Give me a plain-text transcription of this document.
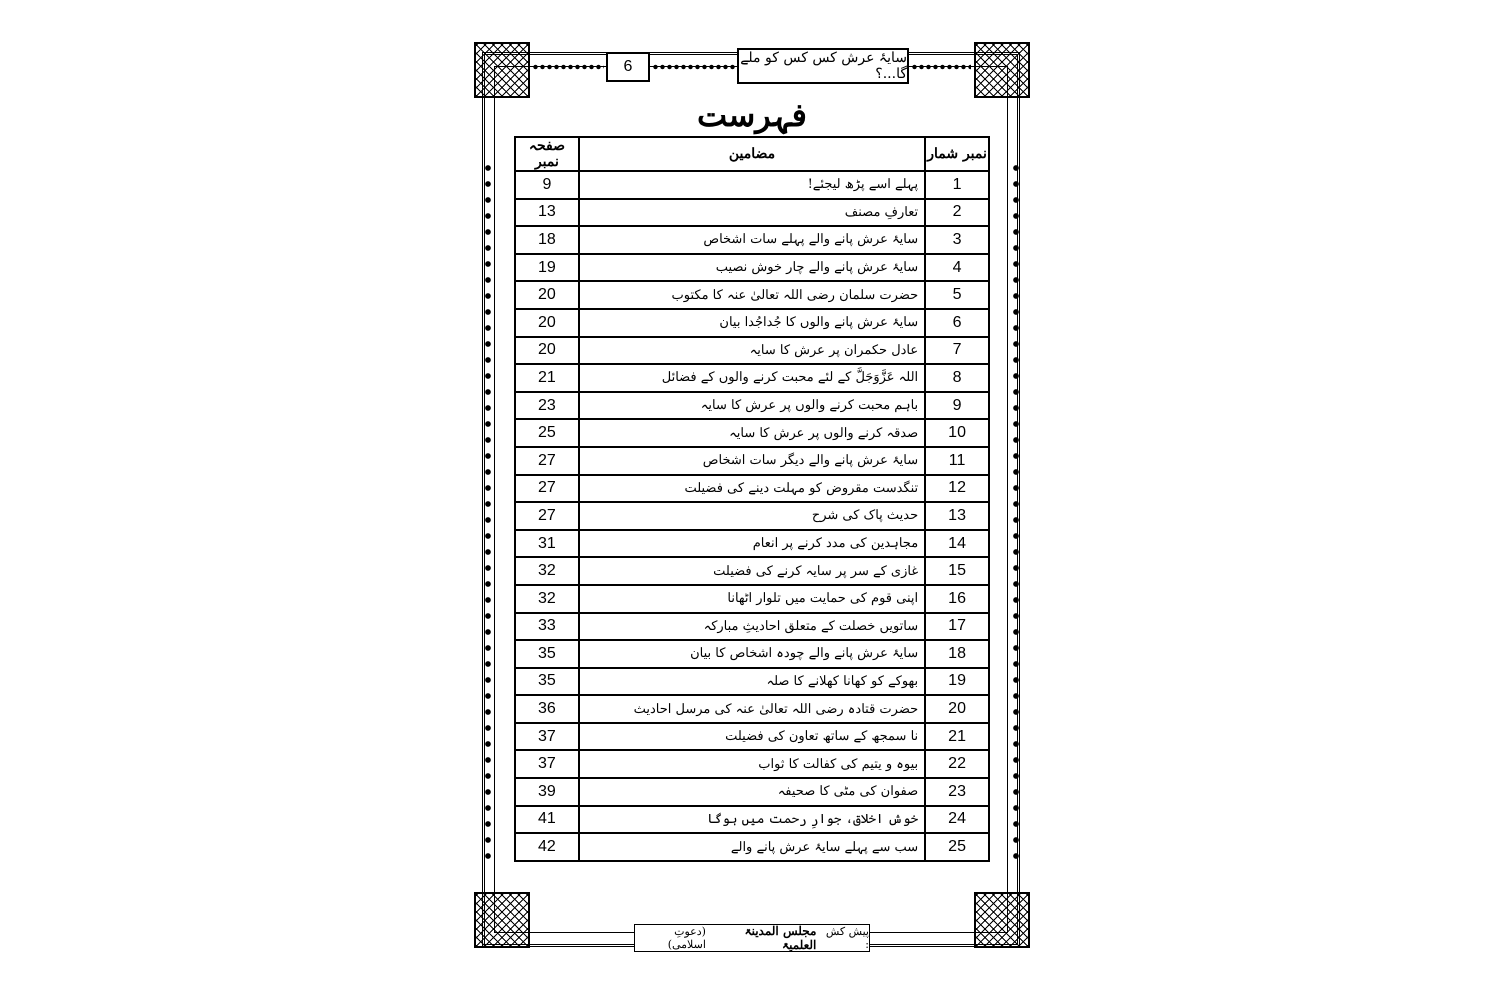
6	سایۂ عرش کس کس کو ملے گا...؟
فہرست
صفحہ نمبر	مضامین	نمبر شمار
9	پہلے اسے پڑھ لیجئے!	1
13	تعارفِ مصنف	2
18	سایۂ عرش پانے والے پہلے سات اشخاص	3
19	سایۂ عرش پانے والے چار خوش نصیب	4
20	حضرت سلمان رضی اللہ تعالیٰ عنہ کا مکتوب	5
20	سایۂ عرش پانے والوں کا جُداجُدا بیان	6
20	عادل حکمران پر عرش کا سایہ	7
21	اللہ عَزَّوَجَلَّ کے لئے محبت کرنے والوں کے فضائل	8
23	باہم محبت کرنے والوں پر عرش کا سایہ	9
25	صدقہ کرنے والوں پر عرش کا سایہ	10
27	سایۂ عرش پانے والے دیگر سات اشخاص	11
27	تنگدست مقروض کو مہلت دینے کی فضیلت	12
27	حدیث پاک کی شرح	13
31	مجاہدین کی مدد کرنے پر انعام	14
32	غازی کے سر پر سایہ کرنے کی فضیلت	15
32	اپنی قوم کی حمایت میں تلوار اٹھانا	16
33	ساتویں خصلت کے متعلق احادیثِ مبارکہ	17
35	سایۂ عرش پانے والے چودہ اشخاص کا بیان	18
35	بھوکے کو کھانا کھلانے کا صلہ	19
36	حضرت قتادہ رضی اللہ تعالیٰ عنہ کی مرسل احادیث	20
37	نا سمجھ کے ساتھ تعاون کی فضیلت	21
37	بیوہ و یتیم کی کفالت کا ثواب	22
39	صفوان کی مٹی کا صحیفہ	23
41	خوش اخلاق، جوارِ رحمت میں ہوگا	24
42	سب سے پہلے سایۂ عرش پانے والے	25
پیش کش :
مجلس المدینۃ العلمیۃ
(دعوتِ اسلامی)
